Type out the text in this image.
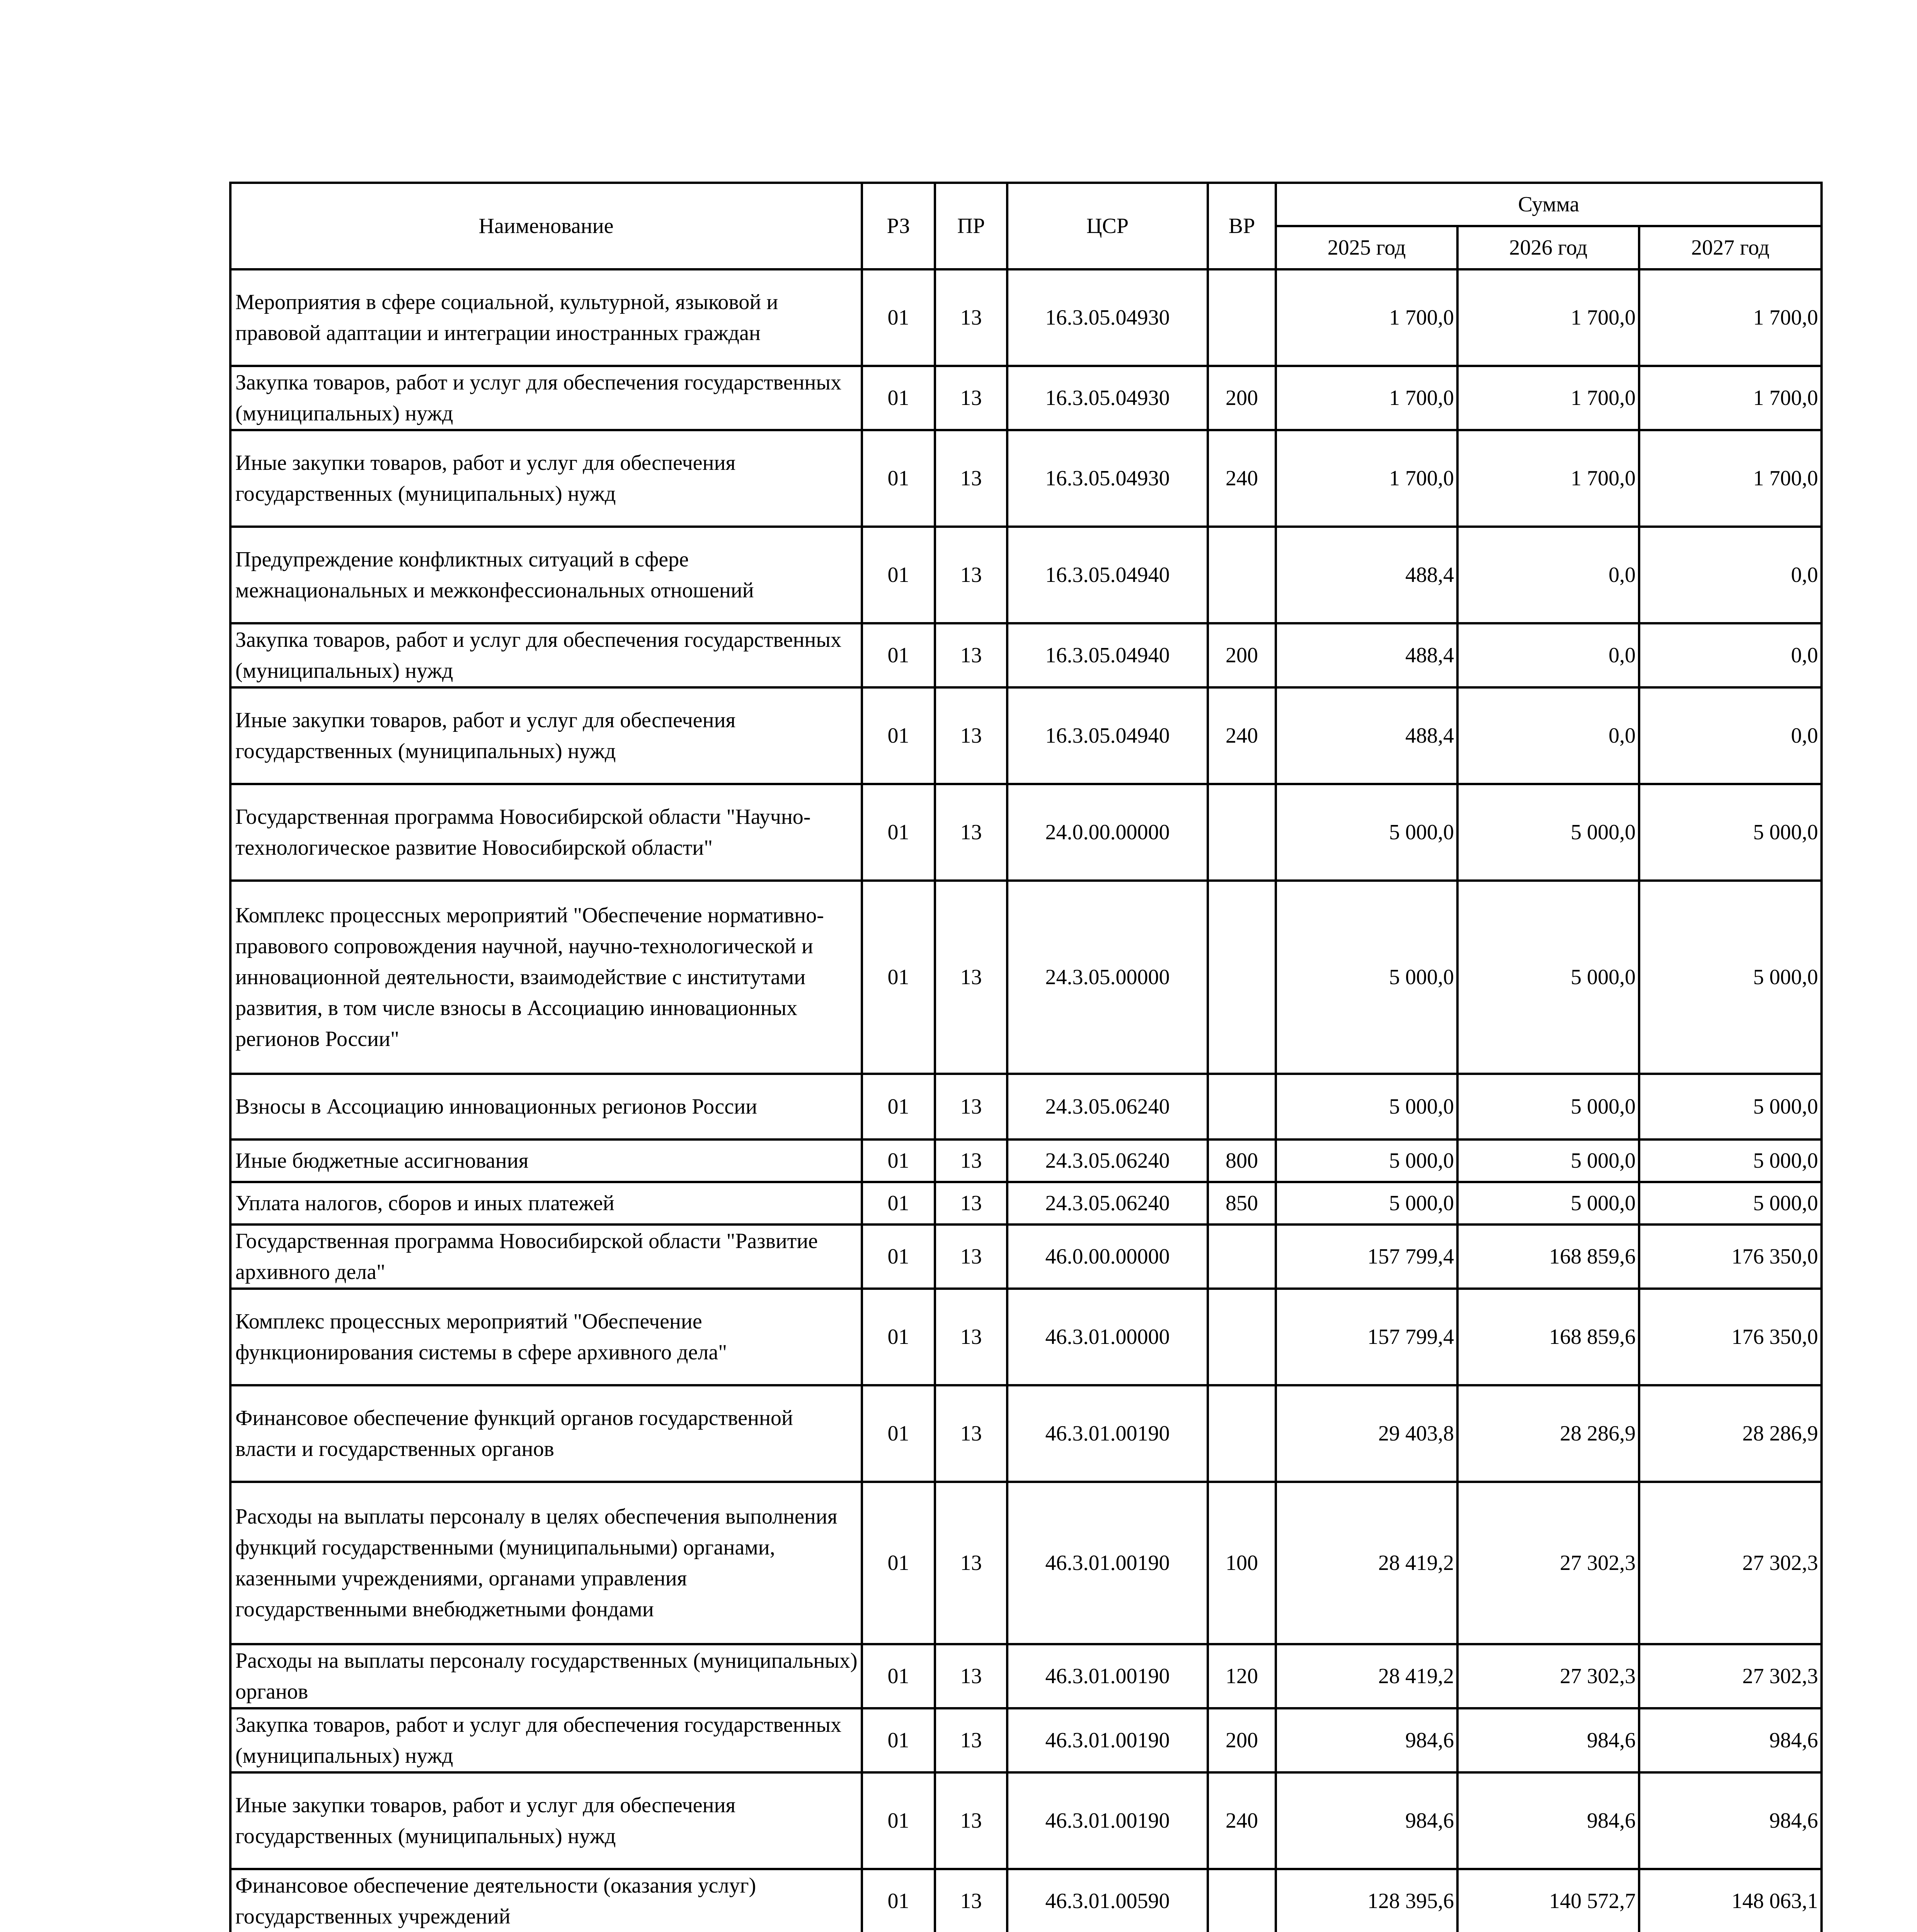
Наименование	РЗ	ПР	ЦСР	ВР	Сумма		
					2025 год	2026 год	2027 год
Мероприятия в сфере социальной, культурной, языковой и правовой адаптации и интеграции иностранных граждан	01	13	16.3.05.04930		1 700,0	1 700,0	1 700,0
Закупка товаров, работ и услуг для обеспечения государственных (муниципальных) нужд	01	13	16.3.05.04930	200	1 700,0	1 700,0	1 700,0
Иные закупки товаров, работ и услуг для обеспечения государственных (муниципальных) нужд	01	13	16.3.05.04930	240	1 700,0	1 700,0	1 700,0
Предупреждение конфликтных ситуаций в сфере межнациональных и межконфессиональных отношений	01	13	16.3.05.04940		488,4	0,0	0,0
Закупка товаров, работ и услуг для обеспечения государственных (муниципальных) нужд	01	13	16.3.05.04940	200	488,4	0,0	0,0
Иные закупки товаров, работ и услуг для обеспечения государственных (муниципальных) нужд	01	13	16.3.05.04940	240	488,4	0,0	0,0
Государственная программа Новосибирской области "Научно-технологическое развитие Новосибирской области"	01	13	24.0.00.00000		5 000,0	5 000,0	5 000,0
Комплекс процессных мероприятий "Обеспечение нормативно-правового сопровождения научной, научно-технологической и инновационной деятельности, взаимодействие с институтами развития, в том числе взносы в Ассоциацию инновационных регионов России"	01	13	24.3.05.00000		5 000,0	5 000,0	5 000,0
Взносы в Ассоциацию инновационных регионов России	01	13	24.3.05.06240		5 000,0	5 000,0	5 000,0
Иные бюджетные ассигнования	01	13	24.3.05.06240	800	5 000,0	5 000,0	5 000,0
Уплата налогов, сборов и иных платежей	01	13	24.3.05.06240	850	5 000,0	5 000,0	5 000,0
Государственная программа Новосибирской области "Развитие архивного дела"	01	13	46.0.00.00000		157 799,4	168 859,6	176 350,0
Комплекс процессных мероприятий "Обеспечение функционирования системы в сфере архивного дела"	01	13	46.3.01.00000		157 799,4	168 859,6	176 350,0
Финансовое обеспечение функций органов государственной власти и государственных органов	01	13	46.3.01.00190		29 403,8	28 286,9	28 286,9
Расходы на выплаты персоналу в целях обеспечения выполнения функций государственными (муниципальными) органами, казенными учреждениями, органами управления государственными внебюджетными фондами	01	13	46.3.01.00190	100	28 419,2	27 302,3	27 302,3
Расходы на выплаты персоналу государственных (муниципальных) органов	01	13	46.3.01.00190	120	28 419,2	27 302,3	27 302,3
Закупка товаров, работ и услуг для обеспечения государственных (муниципальных) нужд	01	13	46.3.01.00190	200	984,6	984,6	984,6
Иные закупки товаров, работ и услуг для обеспечения государственных (муниципальных) нужд	01	13	46.3.01.00190	240	984,6	984,6	984,6
Финансовое обеспечение деятельности (оказания услуг) государственных учреждений	01	13	46.3.01.00590		128 395,6	140 572,7	148 063,1
